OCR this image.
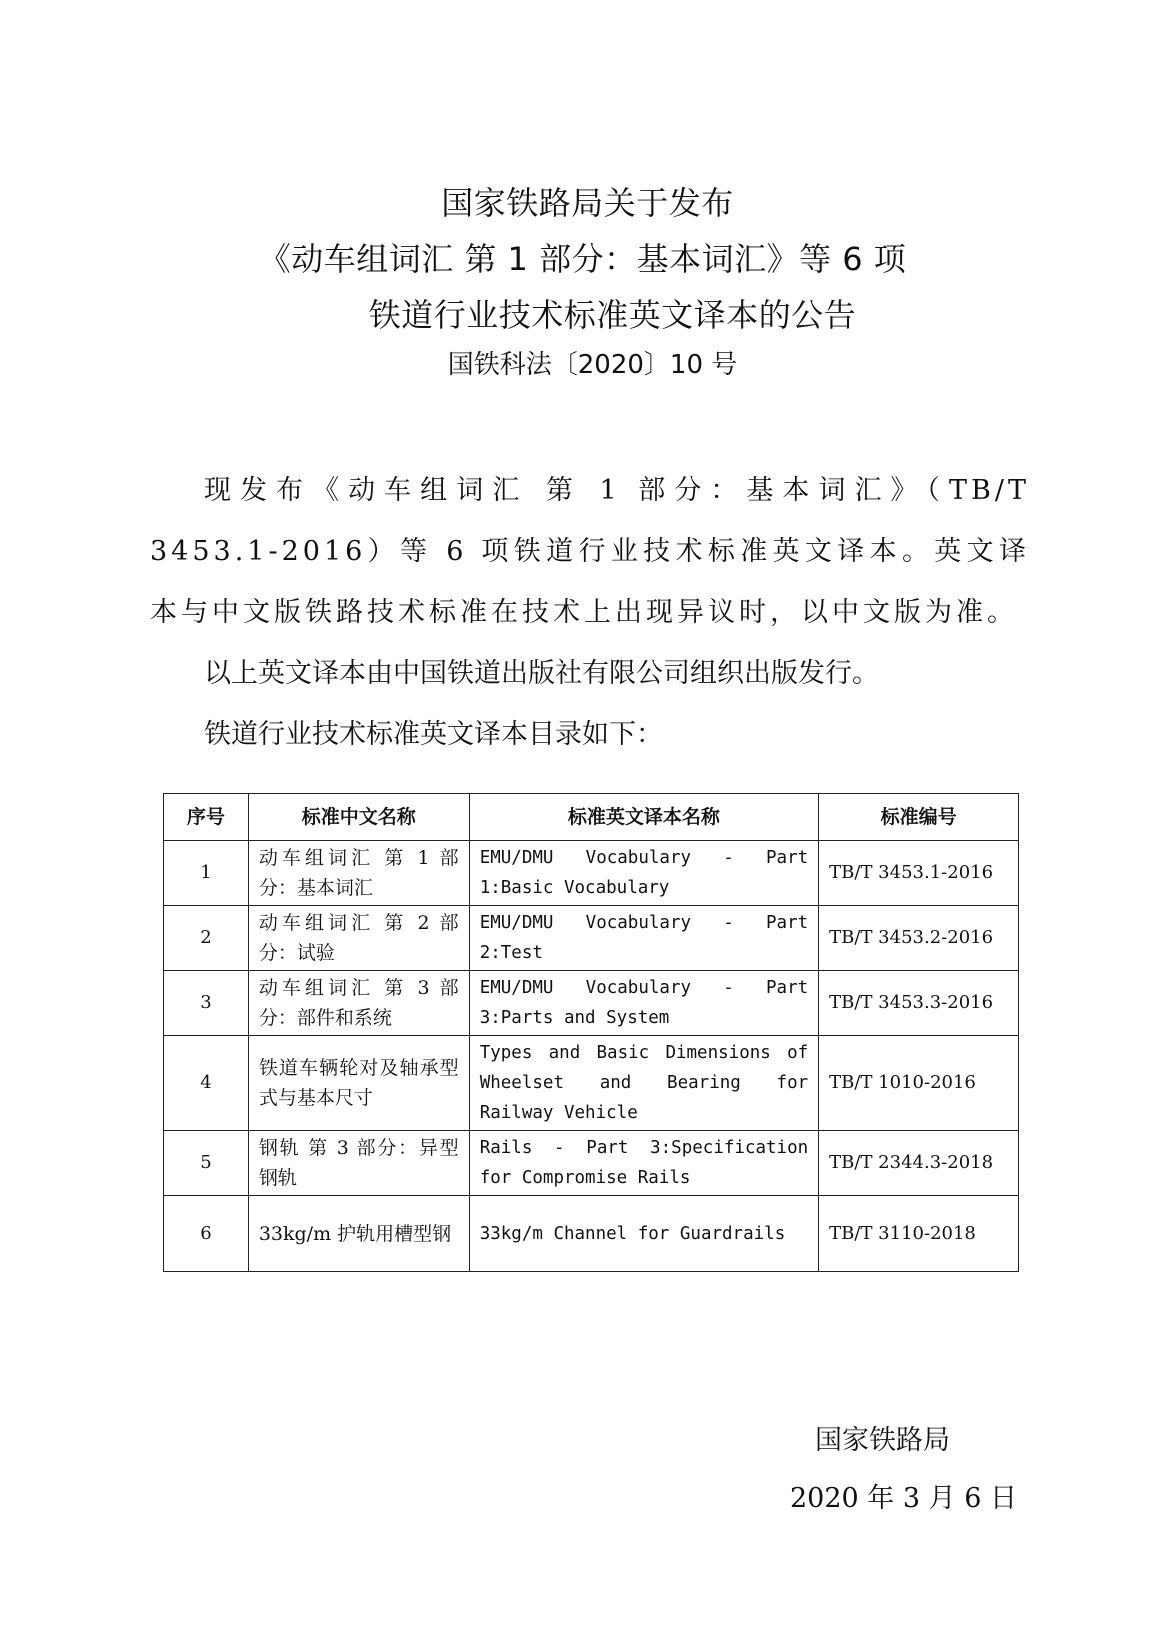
国家铁路局关于发布
《动车组词汇 第 1 部分：基本词汇》等 6 项
铁道行业技术标准英文译本的公告
国铁科法〔2020〕10 号

现发布《动车组词汇 第 1 部分：基本词汇》（TB/T 3453.1-2016）等 6 项铁道行业技术标准英文译本。英文译本与中文版铁路技术标准在技术上出现异议时，以中文版为准。

以上英文译本由中国铁道出版社有限公司组织出版发行。

铁道行业技术标准英文译本目录如下：

序号	标准中文名称	标准英文译本名称	标准编号
1	动车组词汇 第 1 部分：基本词汇	EMU/DMU Vocabulary - Part 1:Basic Vocabulary	TB/T 3453.1-2016
2	动车组词汇 第 2 部分：试验	EMU/DMU Vocabulary - Part 2:Test	TB/T 3453.2-2016
3	动车组词汇 第 3 部分：部件和系统	EMU/DMU Vocabulary - Part 3:Parts and System	TB/T 3453.3-2016
4	铁道车辆轮对及轴承型式与基本尺寸	Types and Basic Dimensions of Wheelset and Bearing for Railway Vehicle	TB/T 1010-2016
5	钢轨 第 3 部分：异型钢轨	Rails - Part 3:Specification for Compromise Rails	TB/T 2344.3-2018
6	33kg/m 护轨用槽型钢	33kg/m Channel for Guardrails	TB/T 3110-2018
国家铁路局
2020 年 3 月 6 日
